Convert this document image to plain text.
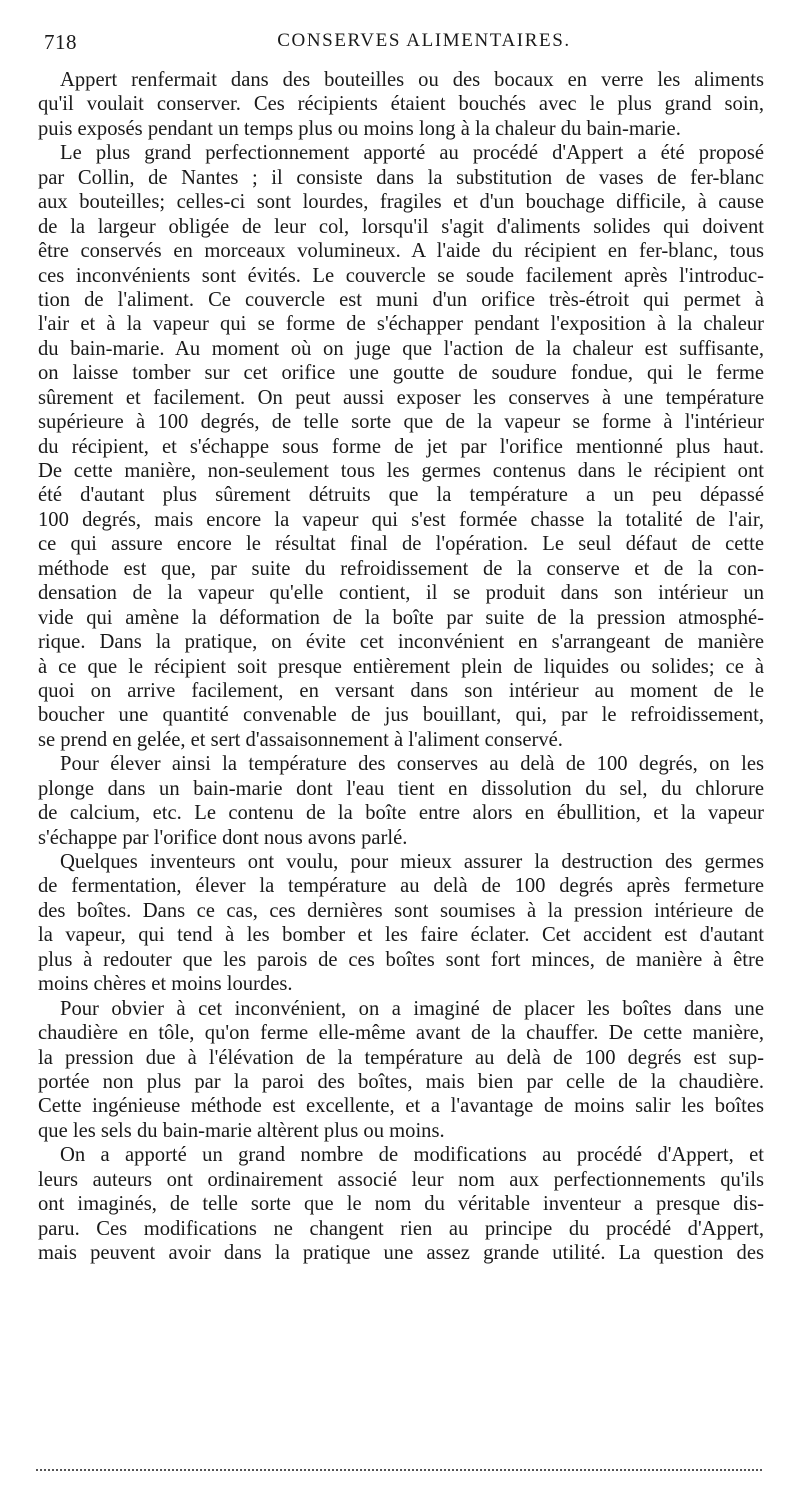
718	CONSERVES ALIMENTAIRES.
Appert renfermait dans des bouteilles ou des bocaux en verre les aliments
qu'il voulait conserver. Ces récipients étaient bouchés avec le plus grand soin,
puis exposés pendant un temps plus ou moins long à la chaleur du bain-marie.
Le plus grand perfectionnement apporté au procédé d'Appert a été proposé
par Collin, de Nantes ; il consiste dans la substitution de vases de fer-blanc
aux bouteilles; celles-ci sont lourdes, fragiles et d'un bouchage difficile, à cause
de la largeur obligée de leur col, lorsqu'il s'agit d'aliments solides qui doivent
être conservés en morceaux volumineux. A l'aide du récipient en fer-blanc, tous
ces inconvénients sont évités. Le couvercle se soude facilement après l'introduc-
tion de l'aliment. Ce couvercle est muni d'un orifice très-étroit qui permet à
l'air et à la vapeur qui se forme de s'échapper pendant l'exposition à la chaleur
du bain-marie. Au moment où on juge que l'action de la chaleur est suffisante,
on laisse tomber sur cet orifice une goutte de soudure fondue, qui le ferme
sûrement et facilement. On peut aussi exposer les conserves à une température
supérieure à 100 degrés, de telle sorte que de la vapeur se forme à l'intérieur
du récipient, et s'échappe sous forme de jet par l'orifice mentionné plus haut.
De cette manière, non-seulement tous les germes contenus dans le récipient ont
été d'autant plus sûrement détruits que la température a un peu dépassé
100 degrés, mais encore la vapeur qui s'est formée chasse la totalité de l'air,
ce qui assure encore le résultat final de l'opération. Le seul défaut de cette
méthode est que, par suite du refroidissement de la conserve et de la con-
densation de la vapeur qu'elle contient, il se produit dans son intérieur un
vide qui amène la déformation de la boîte par suite de la pression atmosphé-
rique. Dans la pratique, on évite cet inconvénient en s'arrangeant de manière
à ce que le récipient soit presque entièrement plein de liquides ou solides; ce à
quoi on arrive facilement, en versant dans son intérieur au moment de le
boucher une quantité convenable de jus bouillant, qui, par le refroidissement,
se prend en gelée, et sert d'assaisonnement à l'aliment conservé.
Pour élever ainsi la température des conserves au delà de 100 degrés, on les
plonge dans un bain-marie dont l'eau tient en dissolution du sel, du chlorure
de calcium, etc. Le contenu de la boîte entre alors en ébullition, et la vapeur
s'échappe par l'orifice dont nous avons parlé.
Quelques inventeurs ont voulu, pour mieux assurer la destruction des germes
de fermentation, élever la température au delà de 100 degrés après fermeture
des boîtes. Dans ce cas, ces dernières sont soumises à la pression intérieure de
la vapeur, qui tend à les bomber et les faire éclater. Cet accident est d'autant
plus à redouter que les parois de ces boîtes sont fort minces, de manière à être
moins chères et moins lourdes.
Pour obvier à cet inconvénient, on a imaginé de placer les boîtes dans une
chaudière en tôle, qu'on ferme elle-même avant de la chauffer. De cette manière,
la pression due à l'élévation de la température au delà de 100 degrés est sup-
portée non plus par la paroi des boîtes, mais bien par celle de la chaudière.
Cette ingénieuse méthode est excellente, et a l'avantage de moins salir les boîtes
que les sels du bain-marie altèrent plus ou moins.
On a apporté un grand nombre de modifications au procédé d'Appert, et
leurs auteurs ont ordinairement associé leur nom aux perfectionnements qu'ils
ont imaginés, de telle sorte que le nom du véritable inventeur a presque dis-
paru. Ces modifications ne changent rien au principe du procédé d'Appert,
mais peuvent avoir dans la pratique une assez grande utilité. La question des
